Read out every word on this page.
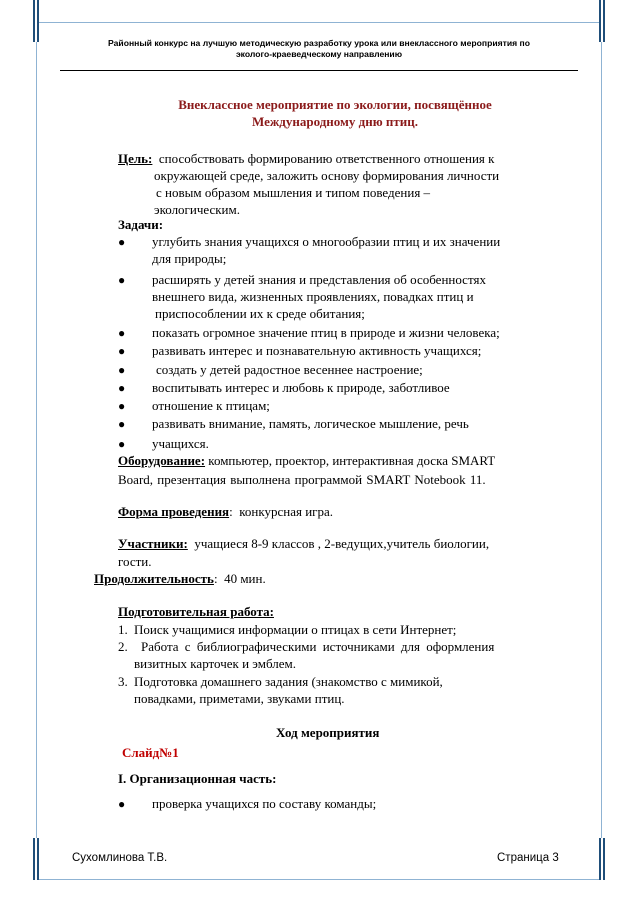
Районный конкурс на лучшую методическую разработку урока или внеклассного мероприятия по
эколого-краеведческому направлению
Внеклассное мероприятие по экологии, посвящённое
Международному дню птиц.
Цель: способствовать формированию ответственного отношения к
окружающей среде, заложить основу формирования личности
с новым образом мышления и типом поведения –
экологическим.
Задачи:
● углубить знания учащихся о многообразии птиц и их значении
для природы;
● расширять у детей знания и представления об особенностях
внешнего вида, жизненных проявлениях, повадках птиц и
приспособлении их к среде обитания;
● показать огромное значение птиц в природе и жизни человека;
● развивать интерес и познавательную активность учащихся;
● создать у детей радостное весеннее настроение;
● воспитывать интерес и любовь к природе, заботливое
● отношение к птицам;
● развивать внимание, память, логическое мышление, речь
● учащихся.
Оборудование: компьютер, проектор, интерактивная доска SMART
Board, презентация выполнена программой SMART Notebook 11.
Форма проведения:  конкурсная игра.
Участники: учащиеся 8-9 классов , 2-ведущих,учитель биологии,
гости.
Продолжительность:  40 мин.
Подготовительная работа:
1. Поиск учащимися информации о птицах в сети Интернет;
2. Работа с библиографическими источниками для оформления
визитных карточек и эмблем.
3. Подготовка домашнего задания (знакомство с мимикой,
повадками, приметами, звуками птиц.
Ход мероприятия
Слайд№1
I. Организационная часть:
● проверка учащихся по составу команды;
Сухомлинова Т.В.	Страница 3
